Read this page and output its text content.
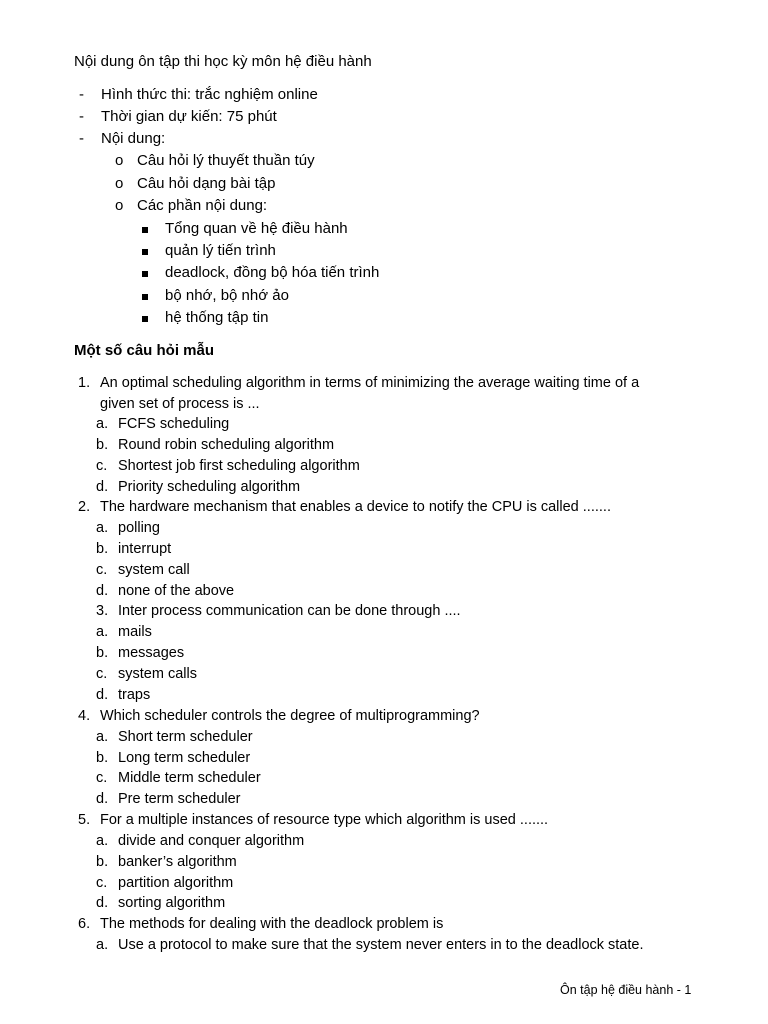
Nội dung ôn tập thi học kỳ môn hệ điều hành
- Hình thức thi: trắc nghiệm online
- Thời gian dự kiến: 75 phút
- Nội dung:
o Câu hỏi lý thuyết thuần túy
o Câu hỏi dạng bài tập
o Các phần nội dung:
Tổng quan về hệ điều hành
quản lý tiến trình
deadlock, đồng bộ hóa tiến trình
bộ nhớ, bộ nhớ ảo
hệ thống tập tin
Một số câu hỏi mẫu
1. An optimal scheduling algorithm in terms of minimizing the average waiting time of a
given set of process is ...
a. FCFS scheduling
b. Round robin scheduling algorithm
c. Shortest job first scheduling algorithm
d. Priority scheduling algorithm
2. The hardware mechanism that enables a device to notify the CPU is called .......
a. polling
b. interrupt
c. system call
d. none of the above
3. Inter process communication can be done through ....
a. mails
b. messages
c. system calls
d. traps
4. Which scheduler controls the degree of multiprogramming?
a. Short term scheduler
b. Long term scheduler
c. Middle term scheduler
d. Pre term scheduler
5. For a multiple instances of resource type which algorithm is used .......
a. divide and conquer algorithm
b. banker’s algorithm
c. partition algorithm
d. sorting algorithm
6. The methods for dealing with the deadlock problem is
a. Use a protocol to make sure that the system never enters in to the deadlock state.
Ôn tập hệ điều hành - 1
